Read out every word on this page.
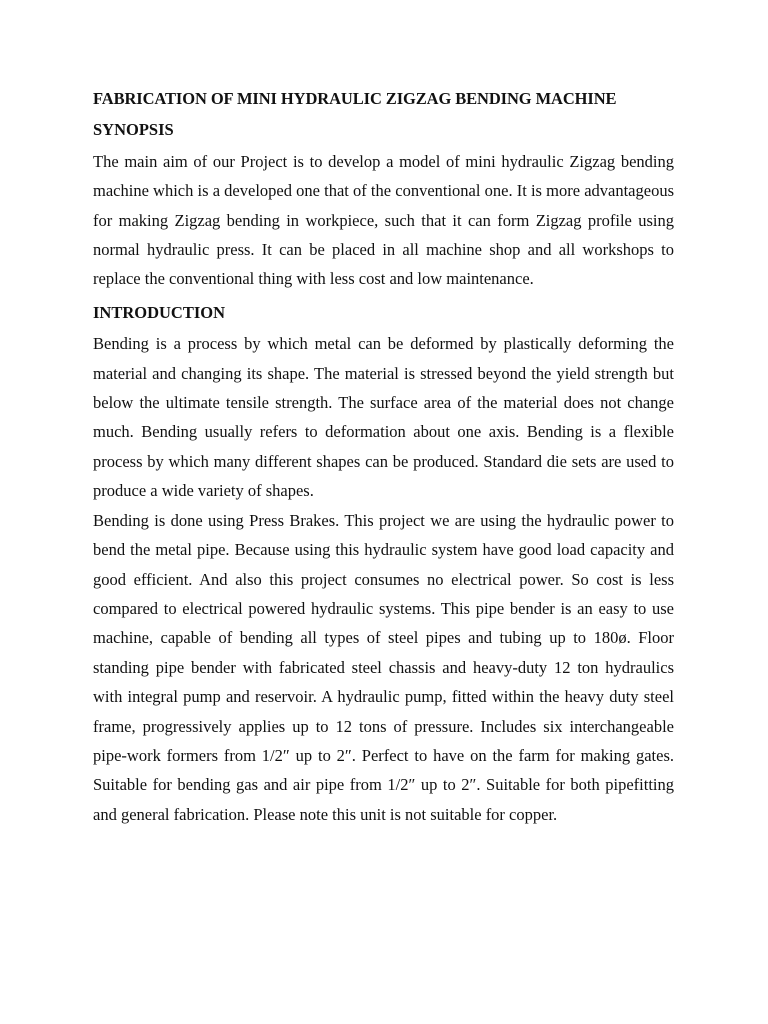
FABRICATION OF MINI HYDRAULIC ZIGZAG BENDING MACHINE

SYNOPSIS

The main aim of our Project is to develop a model of mini hydraulic Zigzag bending machine which is a developed one that of the conventional one. It is more advantageous for making Zigzag bending in workpiece, such that it can form Zigzag profile using normal hydraulic press. It can be placed in all machine shop and all workshops to replace the conventional thing with less cost and low maintenance.

INTRODUCTION

Bending is a process by which metal can be deformed by plastically deforming the material and changing its shape. The material is stressed beyond the yield strength but below the ultimate tensile strength. The surface area of the material does not change much. Bending usually refers to deformation about one axis. Bending is a flexible process by which many different shapes can be produced. Standard die sets are used to produce a wide variety of shapes.

Bending is done using Press Brakes. This project we are using the hydraulic power to bend the metal pipe. Because using this hydraulic system have good load capacity and good efficient. And also this project consumes no electrical power. So cost is less compared to electrical powered hydraulic systems. This pipe bender is an easy to use machine, capable of bending all types of steel pipes and tubing up to 180ø. Floor standing pipe bender with fabricated steel chassis and heavy-duty 12 ton hydraulics with integral pump and reservoir. A hydraulic pump, fitted within the heavy duty steel frame, progressively applies up to 12 tons of pressure. Includes six interchangeable pipe-work formers from 1/2″ up to 2″. Perfect to have on the farm for making gates. Suitable for bending gas and air pipe from 1/2″ up to 2″. Suitable for both pipefitting and general fabrication. Please note this unit is not suitable for copper.
